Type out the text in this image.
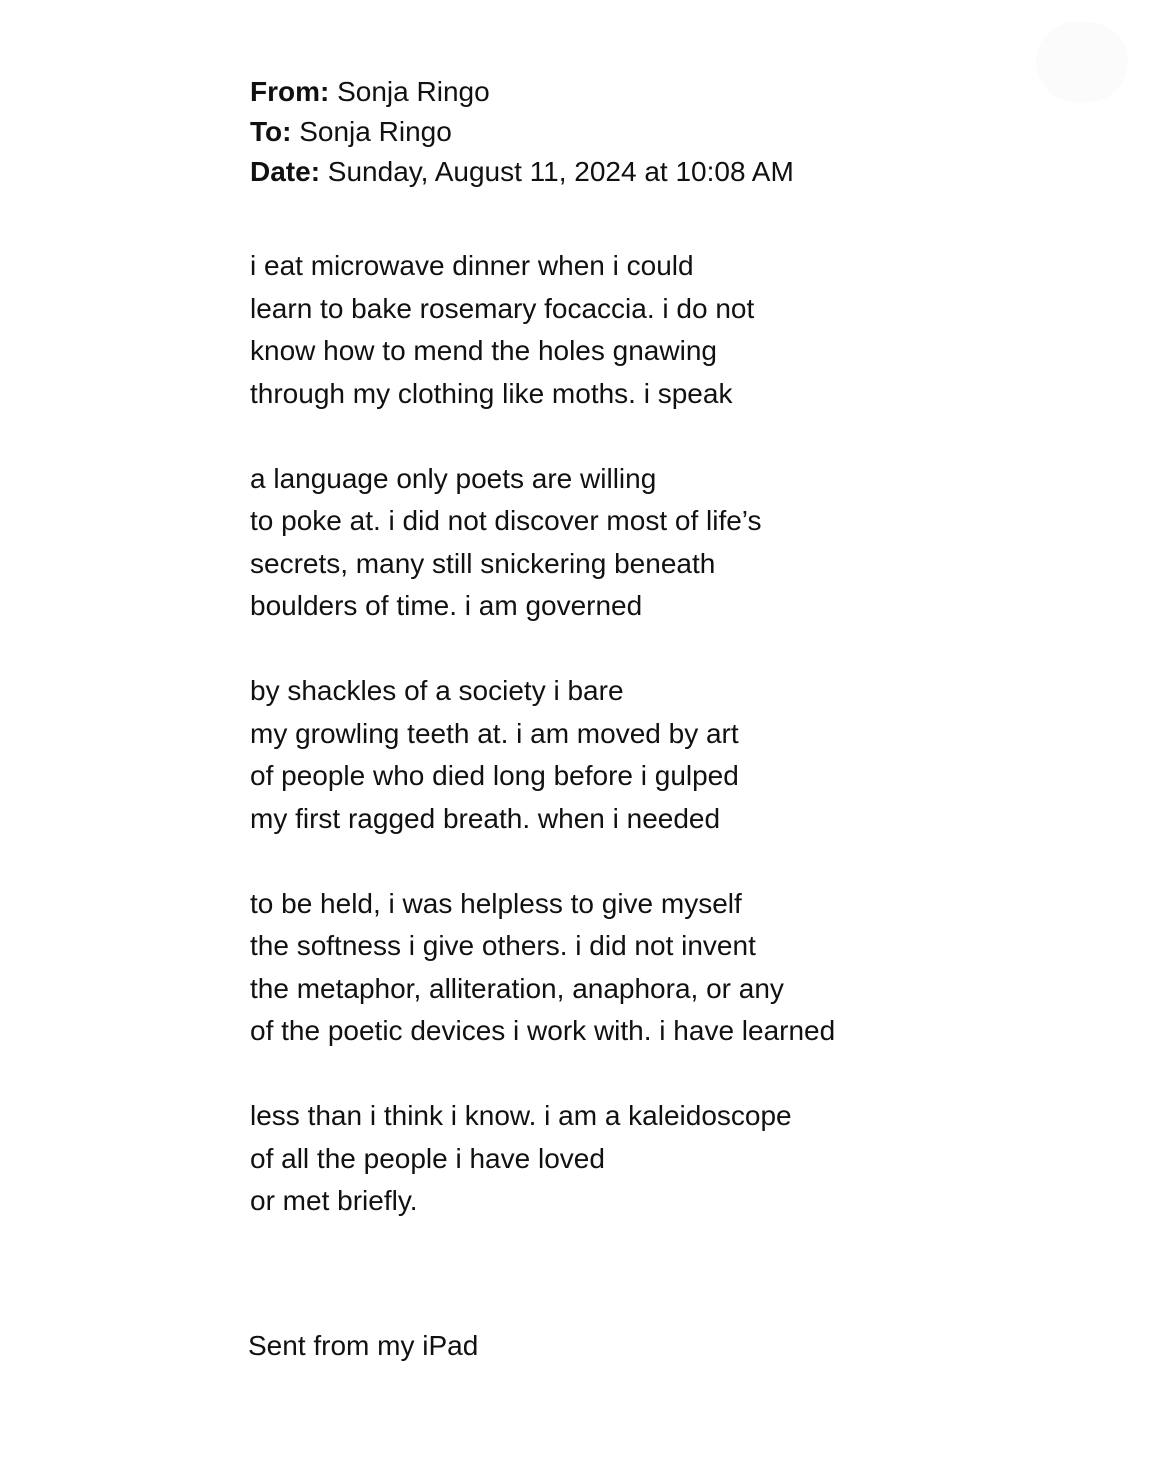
From: Sonja Ringo
To: Sonja Ringo
Date: Sunday, August 11, 2024 at 10:08 AM
i eat microwave dinner when i could
learn to bake rosemary focaccia. i do not
know how to mend the holes gnawing
through my clothing like moths. i speak
a language only poets are willing
to poke at. i did not discover most of life’s
secrets, many still snickering beneath
boulders of time. i am governed
by shackles of a society i bare
my growling teeth at. i am moved by art
of people who died long before i gulped
my first ragged breath. when i needed
to be held, i was helpless to give myself
the softness i give others. i did not invent
the metaphor, alliteration, anaphora, or any
of the poetic devices i work with. i have learned
less than i think i know. i am a kaleidoscope
of all the people i have loved
or met briefly.
Sent from my iPad
